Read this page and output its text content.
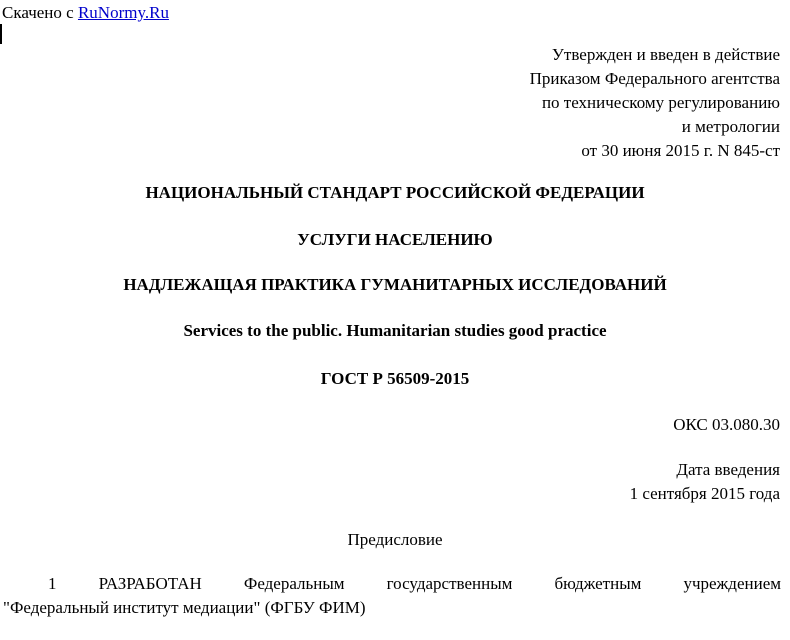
Скачено с RuNormy.Ru
Утвержден и введен в действие
Приказом Федерального агентства
по техническому регулированию
и метрологии
от 30 июня 2015 г. N 845-ст
НАЦИОНАЛЬНЫЙ СТАНДАРТ РОССИЙСКОЙ ФЕДЕРАЦИИ
УСЛУГИ НАСЕЛЕНИЮ
НАДЛЕЖАЩАЯ ПРАКТИКА ГУМАНИТАРНЫХ ИССЛЕДОВАНИЙ
Services to the public. Humanitarian studies good practice
ГОСТ Р 56509-2015
ОКС 03.080.30
Дата введения
1 сентября 2015 года
Предисловие
1 РАЗРАБОТАН Федеральным государственным бюджетным учреждением
"Федеральный институт медиации" (ФГБУ ФИМ)
